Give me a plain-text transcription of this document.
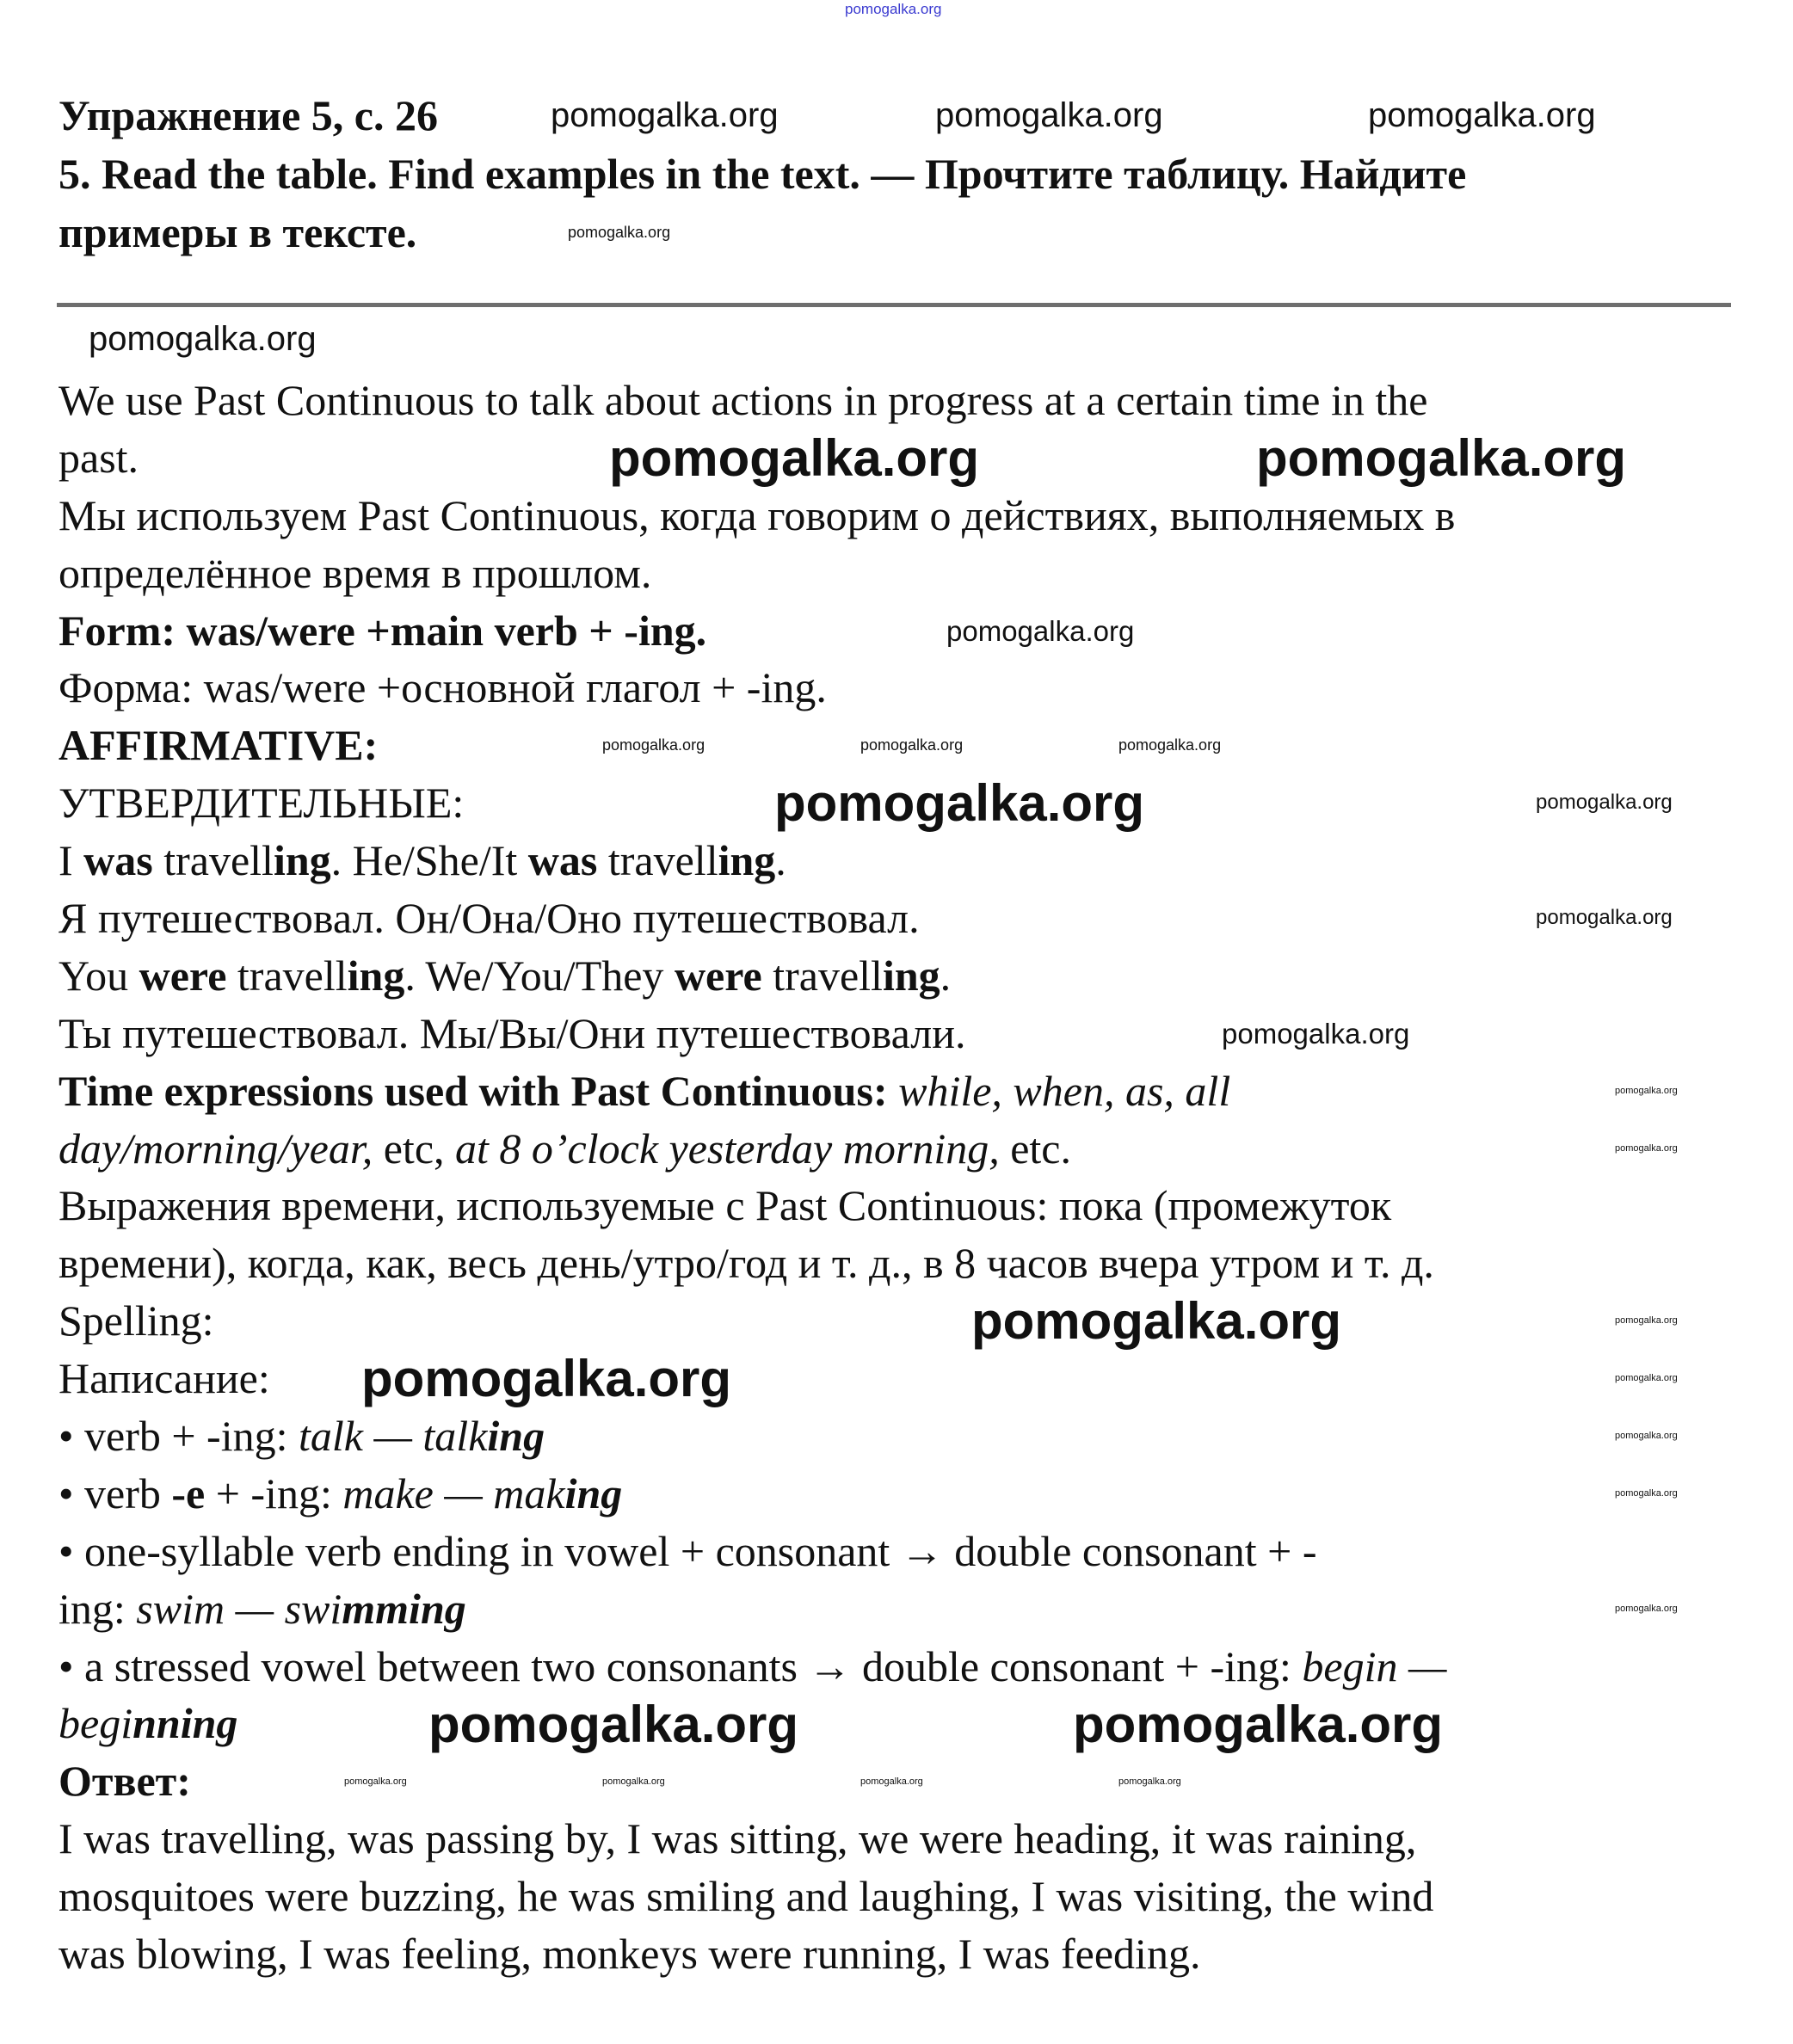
Упражнение 5, с. 26
5. Read the table. Find examples in the text. — Прочтите таблицу. Найдите
примеры в тексте.
We use Past Continuous to talk about actions in progress at a certain time in the
past.
Мы используем Past Continuous, когда говорим о действиях, выполняемых в
определённое время в прошлом.
Form: was/were +main verb + -ing.
Форма: was/were +основной глагол + -ing.
AFFIRMATIVE:
УТВЕРДИТЕЛЬНЫЕ:
I was travelling. He/She/It was travelling.
Я путешествовал. Он/Она/Оно путешествовал.
You were travelling. We/You/They were travelling.
Ты путешествовал. Мы/Вы/Они путешествовали.
Time expressions used with Past Continuous: while, when, as, all
day/morning/year, etc, at 8 o’clock yesterday morning, etc.
Выражения времени, используемые с Past Continuous: пока (промежуток
времени), когда, как, весь день/утро/год и т. д., в 8 часов вчера утром и т. д.
Spelling:
Написание:
• verb + -ing: talk — talking
• verb -e + -ing: make — making
• one-syllable verb ending in vowel + consonant → double consonant + -
ing: swim — swimming
• a stressed vowel between two consonants → double consonant + -ing: begin —
beginning
Ответ:
I was travelling, was passing by, I was sitting, we were heading, it was raining,
mosquitoes were buzzing, he was smiling and laughing, I was visiting, the wind
was blowing, I was feeling, monkeys were running, I was feeding.
pomogalka.org
pomogalka.org	pomogalka.org	pomogalka.org
pomogalka.org
pomogalka.org
pomogalka.org	pomogalka.org
pomogalka.org
pomogalka.org
pomogalka.org	pomogalka.org	pomogalka.org
pomogalka.org
pomogalka.org
pomogalka.org
pomogalka.org
pomogalka.org
pomogalka.org
pomogalka.org
pomogalka.org
pomogalka.org
pomogalka.org
pomogalka.org
pomogalka.org
pomogalka.org	pomogalka.org
pomogalka.org	pomogalka.org	pomogalka.org	pomogalka.org
